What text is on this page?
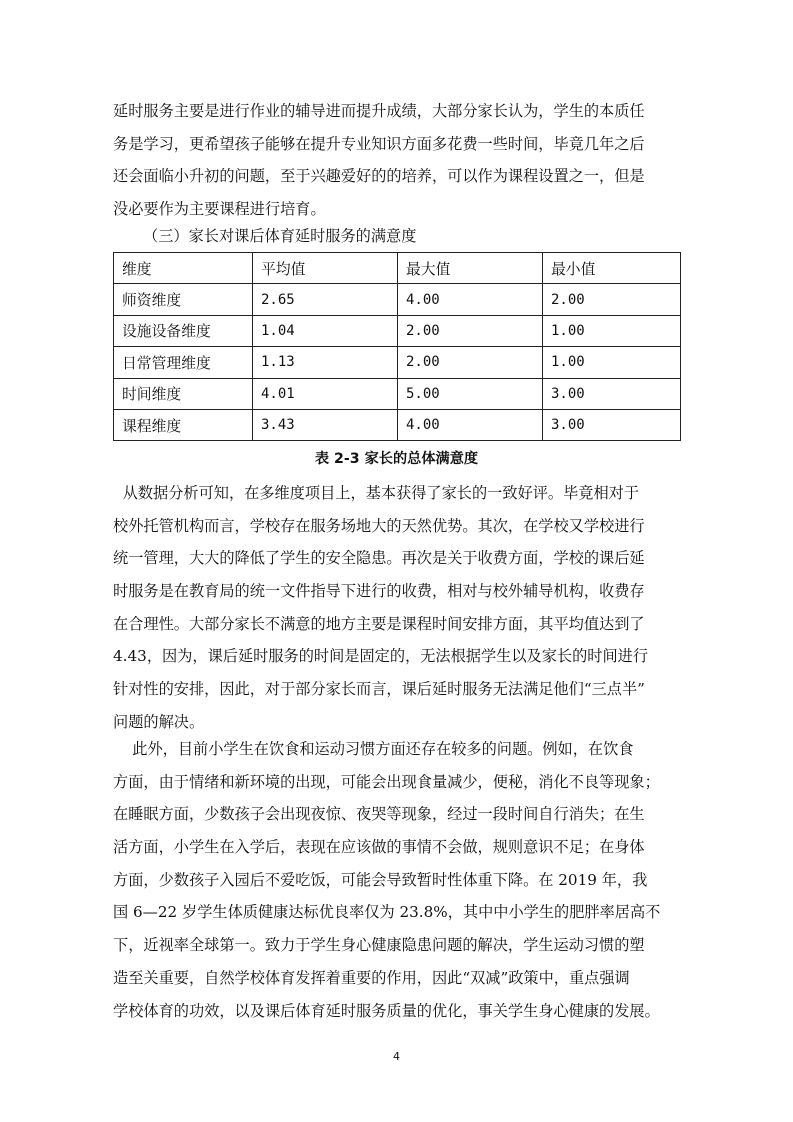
延时服务主要是进行作业的辅导进而提升成绩，大部分家长认为，学生的本质任
务是学习，更希望孩子能够在提升专业知识方面多花费一些时间，毕竟几年之后
还会面临小升初的问题，至于兴趣爱好的的培养，可以作为课程设置之一，但是
没必要作为主要课程进行培育。
（三）家长对课后体育延时服务的满意度
维度	平均值	最大值	最小值
师资维度	2.65	4.00	2.00
设施设备维度	1.04	2.00	1.00
日常管理维度	1.13	2.00	1.00
时间维度	4.01	5.00	3.00
课程维度	3.43	4.00	3.00
表 2-3 家长的总体满意度
从数据分析可知，在多维度项目上，基本获得了家长的一致好评。毕竟相对于
校外托管机构而言，学校存在服务场地大的天然优势。其次，在学校又学校进行
统一管理，大大的降低了学生的安全隐患。再次是关于收费方面，学校的课后延
时服务是在教育局的统一文件指导下进行的收费，相对与校外辅导机构，收费存
在合理性。大部分家长不满意的地方主要是课程时间安排方面，其平均值达到了
4.43，因为，课后延时服务的时间是固定的，无法根据学生以及家长的时间进行
针对性的安排，因此，对于部分家长而言，课后延时服务无法满足他们“三点半”
问题的解决。
此外，目前小学生在饮食和运动习惯方面还存在较多的问题。例如，在饮食
方面，由于情绪和新环境的出现，可能会出现食量减少，便秘，消化不良等现象；
在睡眠方面，少数孩子会出现夜惊、夜哭等现象，经过一段时间自行消失；在生
活方面，小学生在入学后，表现在应该做的事情不会做，规则意识不足；在身体
方面，少数孩子入园后不爱吃饭，可能会导致暂时性体重下降。在 2019 年，我
国 6—22 岁学生体质健康达标优良率仅为 23.8%，其中中小学生的肥胖率居高不
下，近视率全球第一。致力于学生身心健康隐患问题的解决，学生运动习惯的塑
造至关重要，自然学校体育发挥着重要的作用，因此“双减”政策中，重点强调
学校体育的功效，以及课后体育延时服务质量的优化，事关学生身心健康的发展。
4
